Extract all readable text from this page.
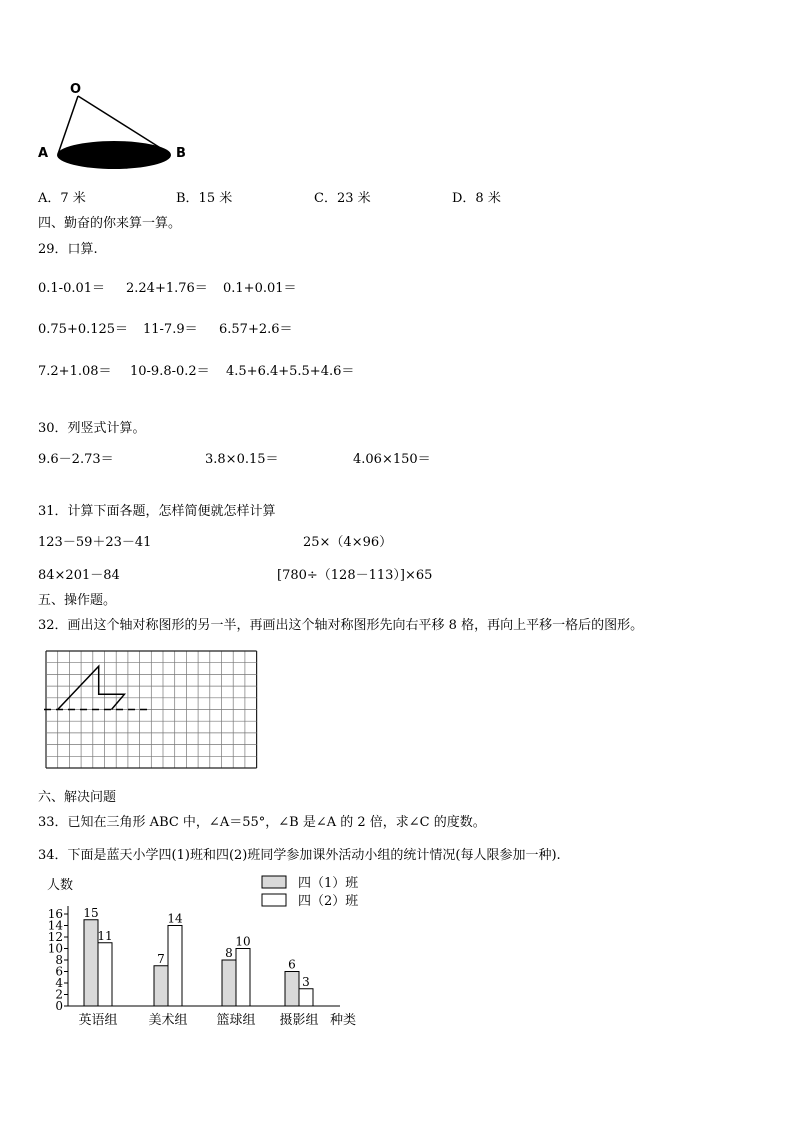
O
A	B
A．7 米	B．15 米	C．23 米	D．8 米
四、勤奋的你来算一算。
29．口算.
0.1-0.01＝ 2.24+1.76＝ 0.1+0.01＝
0.75+0.125＝ 11-7.9＝ 6.57+2.6＝
7.2+1.08＝ 10-9.8-0.2＝ 4.5+6.4+5.5+4.6＝
30．列竖式计算。
9.6－2.73＝	3.8×0.15＝	4.06×150＝
31．计算下面各题，怎样简便就怎样计算
123－59＋23－41	25×（4×96）
84×201－84	[780÷（128－113）]×65
五、操作题。
32．画出这个轴对称图形的另一半，再画出这个轴对称图形先向右平移 8 格，再向上平移一格后的图形。
六、解决问题
33．已知在三角形 ABC 中，∠A＝55°，∠B 是∠A 的 2 倍，求∠C 的度数。
34．下面是蓝天小学四(1)班和四(2)班同学参加课外活动小组的统计情况(每人限参加一种).
0
2
4
6
8
10
12
14
16
人数
种类
15
11
英语组
7
14
美术组
8
10
篮球组
6
3
摄影组
四（1）班
四（2）班
